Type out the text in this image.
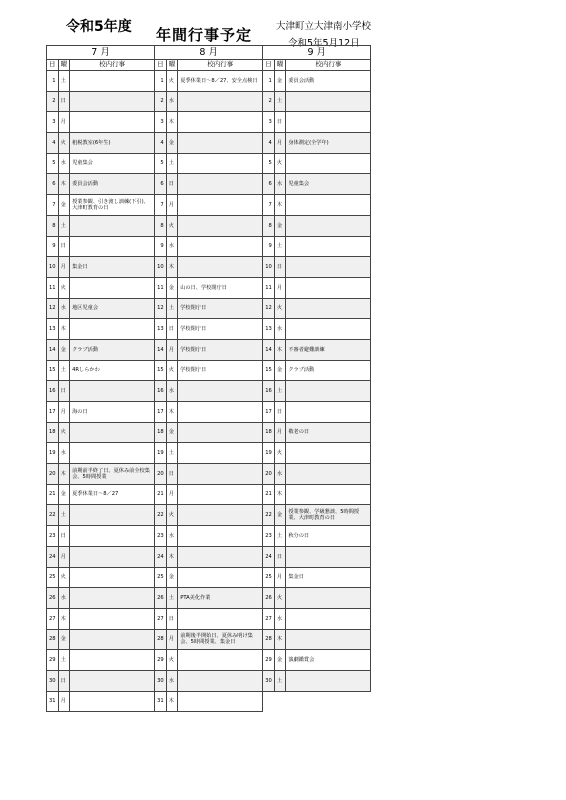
令和5年度 年間行事予定	大津町立大津南小学校
令和5年5月12日
7 月			8 月			9 月		
日	曜	校内行事	日	曜	校内行事	日	曜	校内行事
1	土		1	火	夏季休業日～8／27、安全点検日	1	金	委員会活動
2	日		2	水		2	土	
3	月		3	木		3	日	
4	火	租税教室(6年生)	4	金		4	月	身体測定(全学年)
5	水	児童集会	5	土		5	火	
6	木	委員会活動	6	日		6	水	児童集会
7	金	授業参観、引き渡し訓練(下引)、大津町教育の日	7	月		7	木	
8	土		8	火		8	金	
9	日		9	水		9	土	
10	月	集金日	10	木		10	日	
11	火		11	金	山の日、学校閉庁日	11	月	
12	水	地区児童会	12	土	学校閉庁日	12	火	
13	木		13	日	学校閉庁日	13	水	
14	金	クラブ活動	14	月	学校閉庁日	14	木	不審者避難訓練
15	土	4Rしらかわ	15	火	学校閉庁日	15	金	クラブ活動
16	日		16	水		16	土	
17	月	海の日	17	木		17	日	
18	火		18	金		18	月	敬老の日
19	水		19	土		19	火	
20	木	前期前半終了日、夏休み前全校集会、5時間授業	20	日		20	水	
21	金	夏季休業日～8／27	21	月		21	木	
22	土		22	火		22	金	授業参観、学級懇談、5時間授業、大津町教育の日
23	日		23	水		23	土	秋分の日
24	月		24	木		24	日	
25	火		25	金		25	月	集金日
26	水		26	土	PTA美化作業	26	火	
27	木		27	日		27	水	
28	金		28	月	前期後半開始日、夏休み明け集会、5時間授業、集金日	28	木	
29	土		29	火		29	金	演劇鑑賞会
30	日		30	水		30	土	
31	月		31	木				
